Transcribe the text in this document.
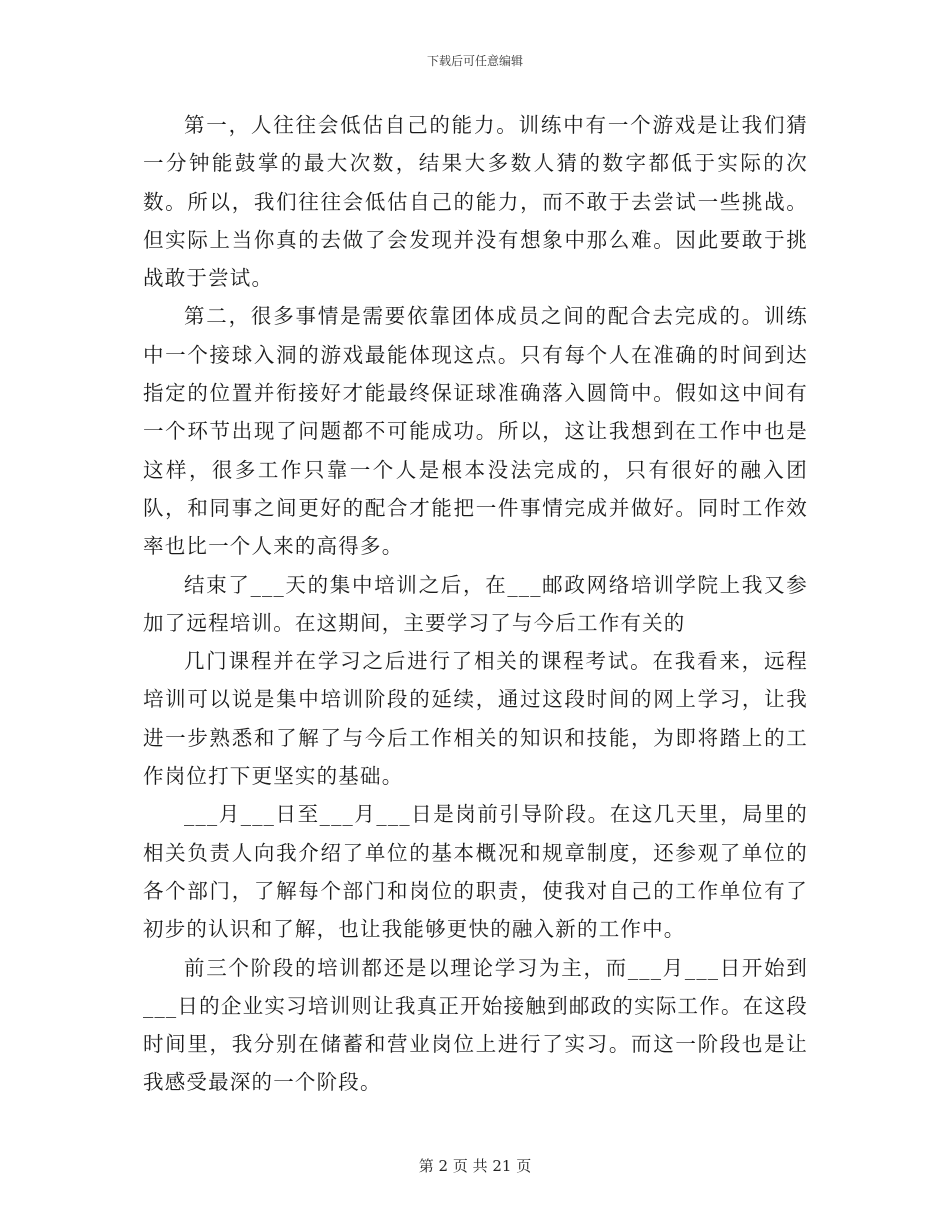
下载后可任意编辑

第一，人往往会低估自己的能力。训练中有一个游戏是让我们猜一分钟能鼓掌的最大次数，结果大多数人猜的数字都低于实际的次数。所以，我们往往会低估自己的能力，而不敢于去尝试一些挑战。但实际上当你真的去做了会发现并没有想象中那么难。因此要敢于挑战敢于尝试。

第二，很多事情是需要依靠团体成员之间的配合去完成的。训练中一个接球入洞的游戏最能体现这点。只有每个人在准确的时间到达指定的位置并衔接好才能最终保证球准确落入圆筒中。假如这中间有一个环节出现了问题都不可能成功。所以，这让我想到在工作中也是这样，很多工作只靠一个人是根本没法完成的，只有很好的融入团队，和同事之间更好的配合才能把一件事情完成并做好。同时工作效率也比一个人来的高得多。

结束了___天的集中培训之后，在___邮政网络培训学院上我又参加了远程培训。在这期间，主要学习了与今后工作有关的

几门课程并在学习之后进行了相关的课程考试。在我看来，远程培训可以说是集中培训阶段的延续，通过这段时间的网上学习，让我进一步熟悉和了解了与今后工作相关的知识和技能，为即将踏上的工作岗位打下更坚实的基础。

___月___日至___月___日是岗前引导阶段。在这几天里，局里的相关负责人向我介绍了单位的基本概况和规章制度，还参观了单位的各个部门，了解每个部门和岗位的职责，使我对自己的工作单位有了初步的认识和了解，也让我能够更快的融入新的工作中。

前三个阶段的培训都还是以理论学习为主，而___月___日开始到___日的企业实习培训则让我真正开始接触到邮政的实际工作。在这段时间里，我分别在储蓄和营业岗位上进行了实习。而这一阶段也是让我感受最深的一个阶段。

第 2 页 共 21 页
